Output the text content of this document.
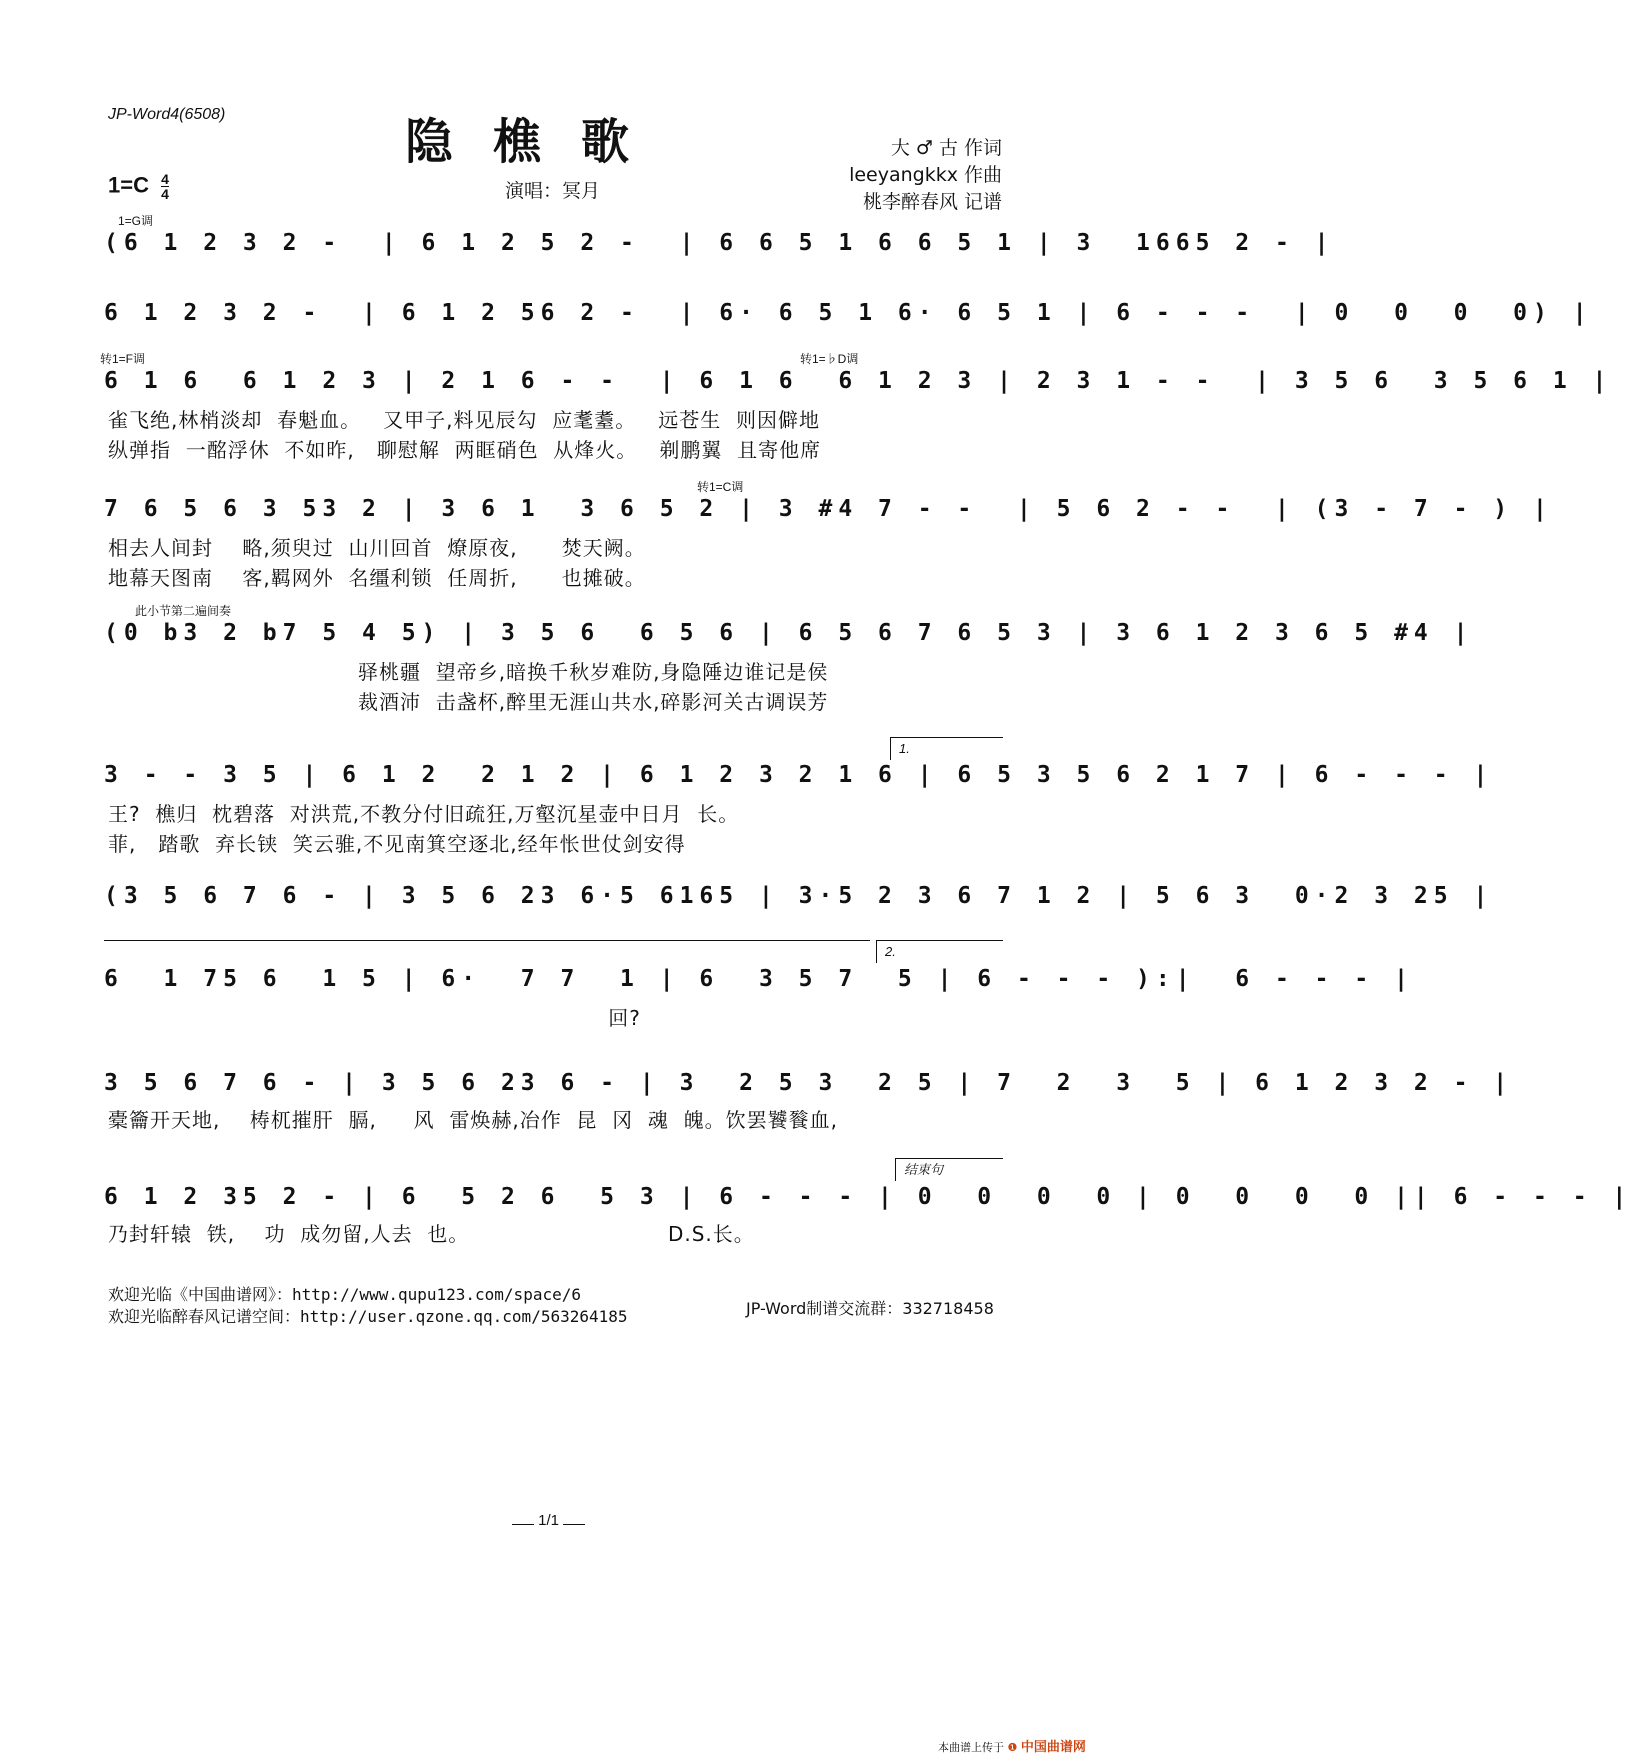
JP-Word4(6508)	隐樵歌	大 ♂ 古 作词
leeyangkkx 作曲
桃李醉春风 记谱
$1=C \frac{4}{4}$	演唱：冥月
1=G调
(6 1 2 3 2 -  | 6 1 2 5 2 -  | 6 6 5 1 6 6 5 1 | 3  1665 2 - |
6 1 2 3 2 -  | 6 1 2 56 2 -  | 6· 6 5 1 6· 6 5 1 | 6 - - -  | 0  0  0  0) |
转1=F调	转1=♭D调
6 1 6  6 1 2 3 | 2 1 6 - -  | 6 1 6  6 1 2 3 | 2 3 1 - -  | 3 5 6  3 5 6 1 |
雀飞绝,林梢淡却  春魁血。   又甲子,料见辰勾  应耄耋。   远苍生  则因僻地
纵弹指  一酩浮休  不如昨,   聊慰解  两眶硝色  从烽火。   剃鹏翼  且寄他席
转1=C调
7 6 5 6 3 53 2 | 3 6 1  3 6 5 2 | 3 #4 7 - -  | 5 6 2 - -  | (3 - 7 - ) |
相去人间封    略,须臾过  山川回首  燎原夜,      焚天阙。
地幕天图南    客,羁网外  名缰利锁  任周折,      也摊破。
此小节第二遍间奏
(0 b3 2 b7 5 4 5) | 3 5 6  6 5 6 | 6 5 6 7 6 5 3 | 3 6 1 2 3 6 5 #4 |
驿桃疆  望帝乡,暗换千秋岁难防,身隐陲边谁记是侯
裁酒沛  击盏杯,醉里无涯山共水,碎影河关古调误芳
1.
3 - - 3 5 | 6 1 2  2 1 2 | 6 1 2 3 2 1 6 | 6 5 3 5 6 2 1 7 | 6 - - - |
王?  樵归  枕碧落  对洪荒,不教分付旧疏狂,万壑沉星壶中日月  长。
菲,   踏歌  弃长铗  笑云骓,不见南箕空逐北,经年怅世仗剑安得
(3 5 6 7 6 - | 3 5 6 23 6·5 6165 | 3·5 2 3 6 7 1 2 | 5 6 3  0·2 3 25 |
2.
6  1 75 6  1 5 | 6·  7 7  1 | 6  3 5 7  5 | 6 - - - ):|  6 - - - |
回?
3 5 6 7 6 - | 3 5 6 23 6 - | 3  2 5 3  2 5 | 7  2  3  5 | 6 1 2 3 2 - |
橐籥开天地,    梼杌摧肝  膈,     风  雷焕赫,冶作  昆  冈  魂  魄。饮罢饕餮血,
结束句
6 1 2 35 2 - | 6  5 2 6  5 3 | 6 - - - | 0  0  0  0 | 0  0  0  0 || 6 - - - |
乃封轩辕  铁,    功  成勿留,人去  也。                           D.S.长。
欢迎光临《中国曲谱网》：http://www.qupu123.com/space/6
欢迎光临醉春风记谱空间：http://user.qzone.qq.com/563264185	JP-Word制谱交流群：332718458
1/1
本曲谱上传于 ❶ 中国曲谱网
